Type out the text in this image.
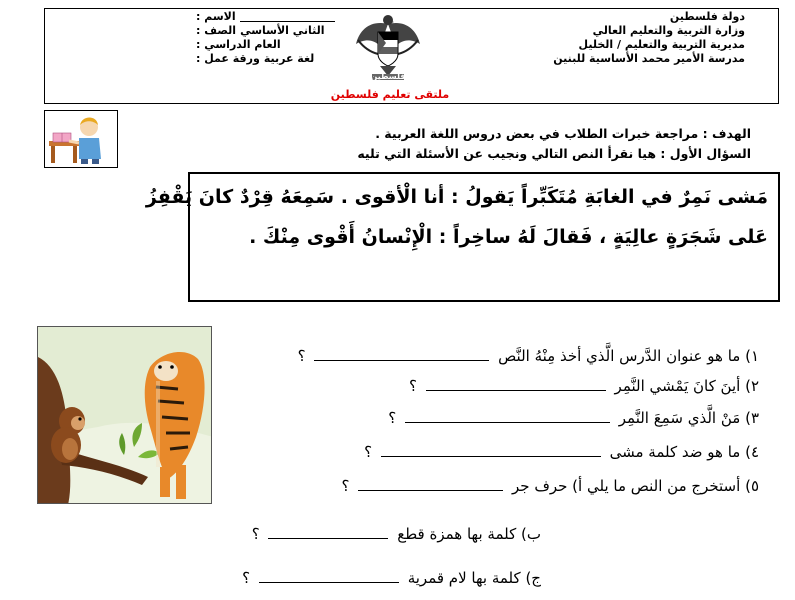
دولة فلسطين
وزارة التربية والتعليم العالي
مديرية التربية والتعليم / الخليل
مدرسة الأمير محمد الأساسية للبنين
الاسم :
الصف : الثاني الأساسي
العام الدراسي :
ورقة عمل : لغة عربية
فلسطين
ملتقى تعليم فلسطين
الهدف : مراجعة خبرات الطلاب في بعض دروس اللغة العربية .
السؤال الأول : هيا نقرأ النص التالي ونجيب عن الأسئلة التي تليه
مَشى نَمِرٌ في الغابَةِ مُتَكَبِّراً يَقولُ : أنا الْأقوى . سَمِعَهُ قِرْدٌ كانَ يَقْفِزُ
عَلى شَجَرَةٍ عالِيَةٍ ، فَقالَ لَهُ ساخِراً : الْإِنْسانُ أَقْوى مِنْكَ .
١) ما هو عنوان الدَّرس الَّذي أخذ مِنْهُ النَّص  ؟
٢) أينَ كانَ يَمْشي النَّمِر  ؟
٣) مَنْ الَّذي سَمِعَ النَّمِر  ؟
٤) ما هو ضد كلمة مشى  ؟
٥) أستخرج من النص ما يلي أ) حرف جر  ؟
ب) كلمة بها همزة قطع  ؟
ج) كلمة بها لام قمرية  ؟
